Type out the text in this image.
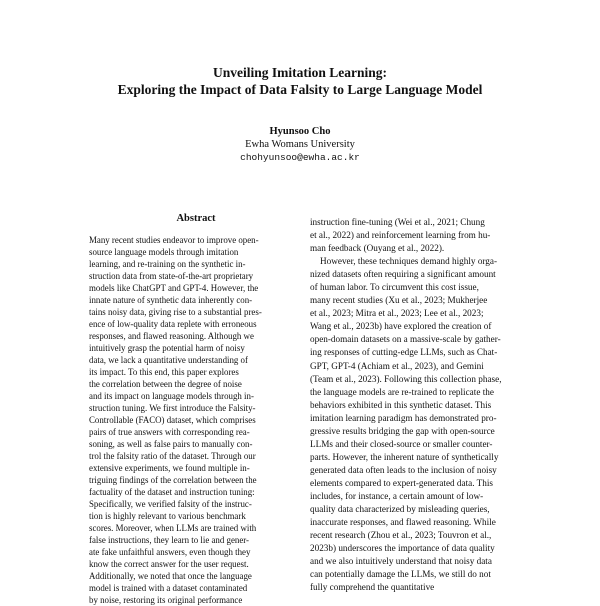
Unveiling Imitation Learning:
Exploring the Impact of Data Falsity to Large Language Model
Hyunsoo Cho
Ewha Womans University
chohyunsoo@ewha.ac.kr
Abstract
Many recent studies endeavor to improve open-
source language models through imitation
learning, and re-training on the synthetic in-
struction data from state-of-the-art proprietary
models like ChatGPT and GPT-4. However, the
innate nature of synthetic data inherently con-
tains noisy data, giving rise to a substantial pres-
ence of low-quality data replete with erroneous
responses, and flawed reasoning. Although we
intuitively grasp the potential harm of noisy
data, we lack a quantitative understanding of
its impact. To this end, this paper explores
the correlation between the degree of noise
and its impact on language models through in-
struction tuning. We first introduce the Falsity-
Controllable (FACO) dataset, which comprises
pairs of true answers with corresponding rea-
soning, as well as false pairs to manually con-
trol the falsity ratio of the dataset. Through our
extensive experiments, we found multiple in-
triguing findings of the correlation between the
factuality of the dataset and instruction tuning:
Specifically, we verified falsity of the instruc-
tion is highly relevant to various benchmark
scores. Moreover, when LLMs are trained with
false instructions, they learn to lie and gener-
ate fake unfaithful answers, even though they
know the correct answer for the user request.
Additionally, we noted that once the language
model is trained with a dataset contaminated
by noise, restoring its original performance
instruction fine-tuning (Wei et al., 2021; Chung
et al., 2022) and reinforcement learning from hu-
man feedback (Ouyang et al., 2022).
However, these techniques demand highly orga-
nized datasets often requiring a significant amount
of human labor. To circumvent this cost issue,
many recent studies (Xu et al., 2023; Mukherjee
et al., 2023; Mitra et al., 2023; Lee et al., 2023;
Wang et al., 2023b) have explored the creation of
open-domain datasets on a massive-scale by gather-
ing responses of cutting-edge LLMs, such as Chat-
GPT, GPT-4 (Achiam et al., 2023), and Gemini
(Team et al., 2023). Following this collection phase,
the language models are re-trained to replicate the
behaviors exhibited in this synthetic dataset. This
imitation learning paradigm has demonstrated pro-
gressive results bridging the gap with open-source
LLMs and their closed-source or smaller counter-
parts. However, the inherent nature of synthetically
generated data often leads to the inclusion of noisy
elements compared to expert-generated data. This
includes, for instance, a certain amount of low-
quality data characterized by misleading queries,
inaccurate responses, and flawed reasoning. While
recent research (Zhou et al., 2023; Touvron et al.,
2023b) underscores the importance of data quality
and we also intuitively understand that noisy data
can potentially damage the LLMs, we still do not
fully comprehend the quantitative
